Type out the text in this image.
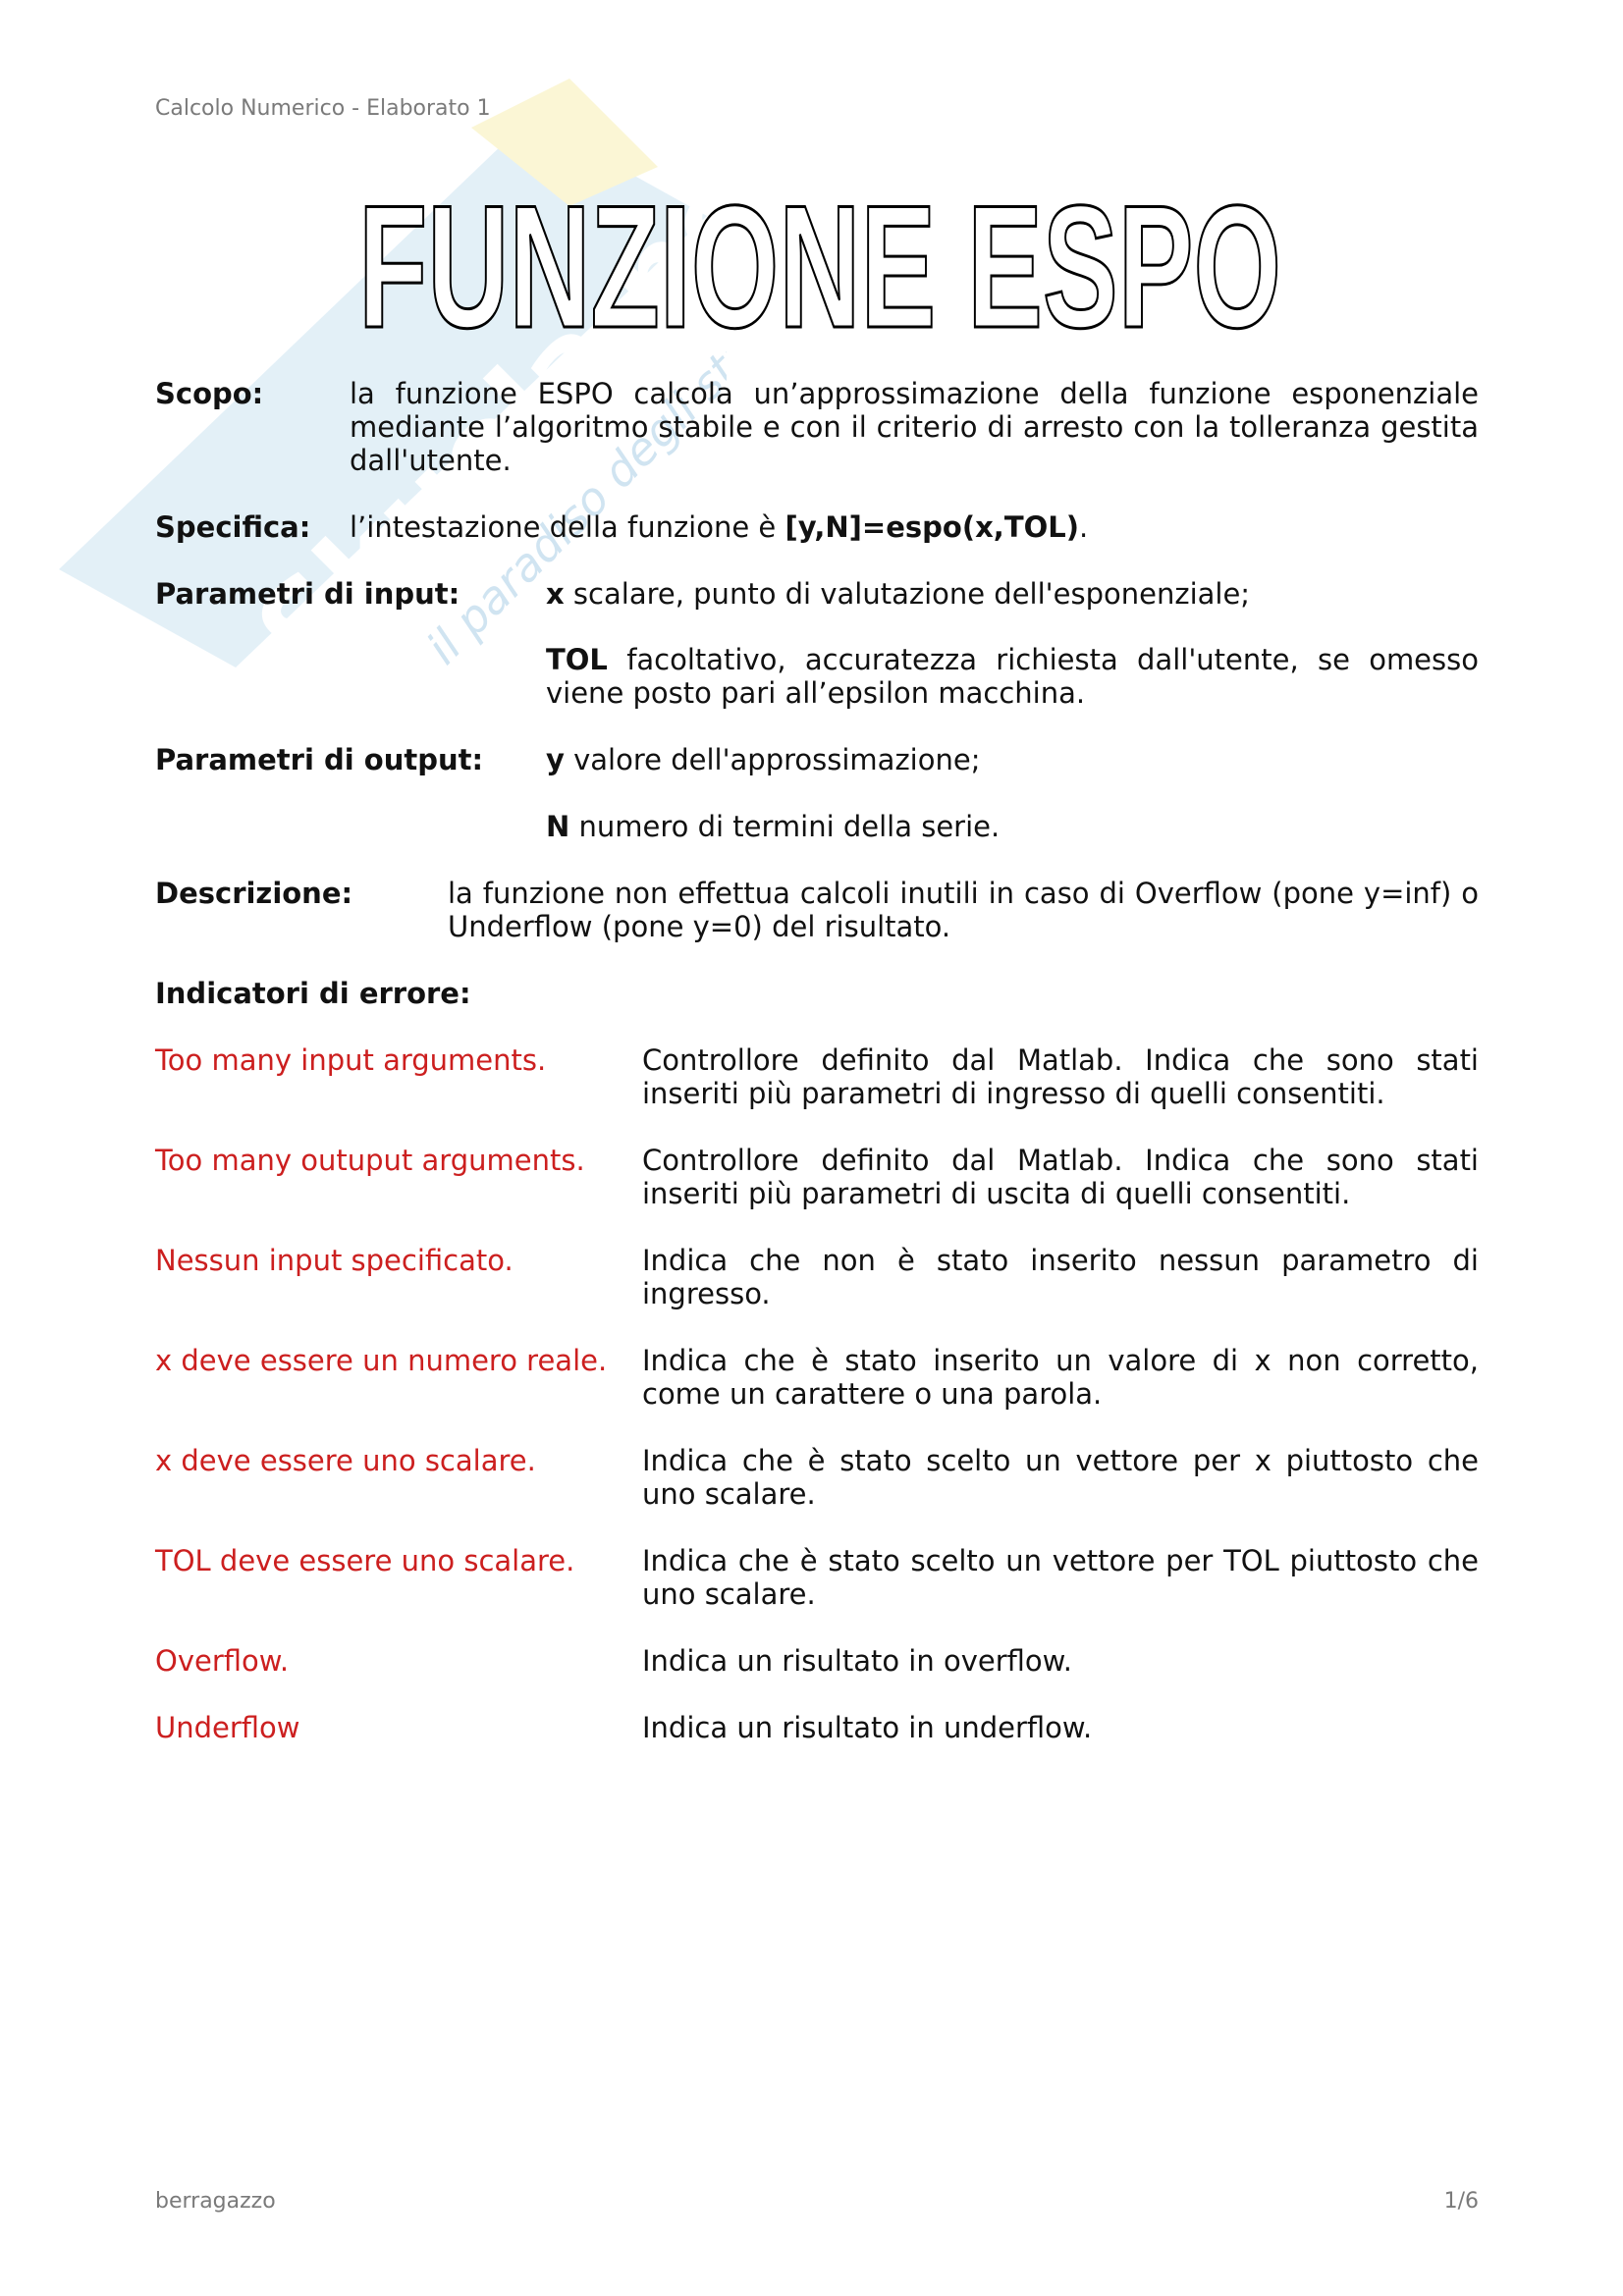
Skuola.net
il paradiso degli studenti
Calcolo Numerico - Elaborato 1
FUNZIONE ESPO
Scopo:	la funzione ESPO calcola un’approssimazione della funzione esponenziale mediante l’algoritmo stabile e con il criterio di arresto con la tolleranza gestita dall'utente.
Specifica: l’intestazione della funzione è [y,N]=espo(x,TOL).
Parametri di input:	x scalare, punto di valutazione dell'esponenziale;
TOL facoltativo, accuratezza richiesta dall'utente, se omesso viene posto pari all’epsilon macchina.
Parametri di output: y valore dell'approssimazione;
N numero di termini della serie.
Descrizione:	la funzione non effettua calcoli inutili in caso di Overflow (pone y=inf) o Underflow (pone y=0) del risultato.
Indicatori di errore:
Too many input arguments.	Controllore definito dal Matlab. Indica che sono stati inseriti più parametri di ingresso di quelli consentiti.
Too many outuput arguments. Controllore definito dal Matlab. Indica che sono stati inseriti più parametri di uscita di quelli consentiti.
Nessun input specificato.	Indica che non è stato inserito nessun parametro di ingresso.
x deve essere un numero reale. Indica che è stato inserito un valore di x non corretto, come un carattere o una parola.
x deve essere uno scalare.	Indica che è stato scelto un vettore per x piuttosto che uno scalare.
TOL deve essere uno scalare. Indica che è stato scelto un vettore per TOL piuttosto che uno scalare.
Overflow.	Indica un risultato in overflow.
Underflow	Indica un risultato in underflow.
berragazzo	1/6
